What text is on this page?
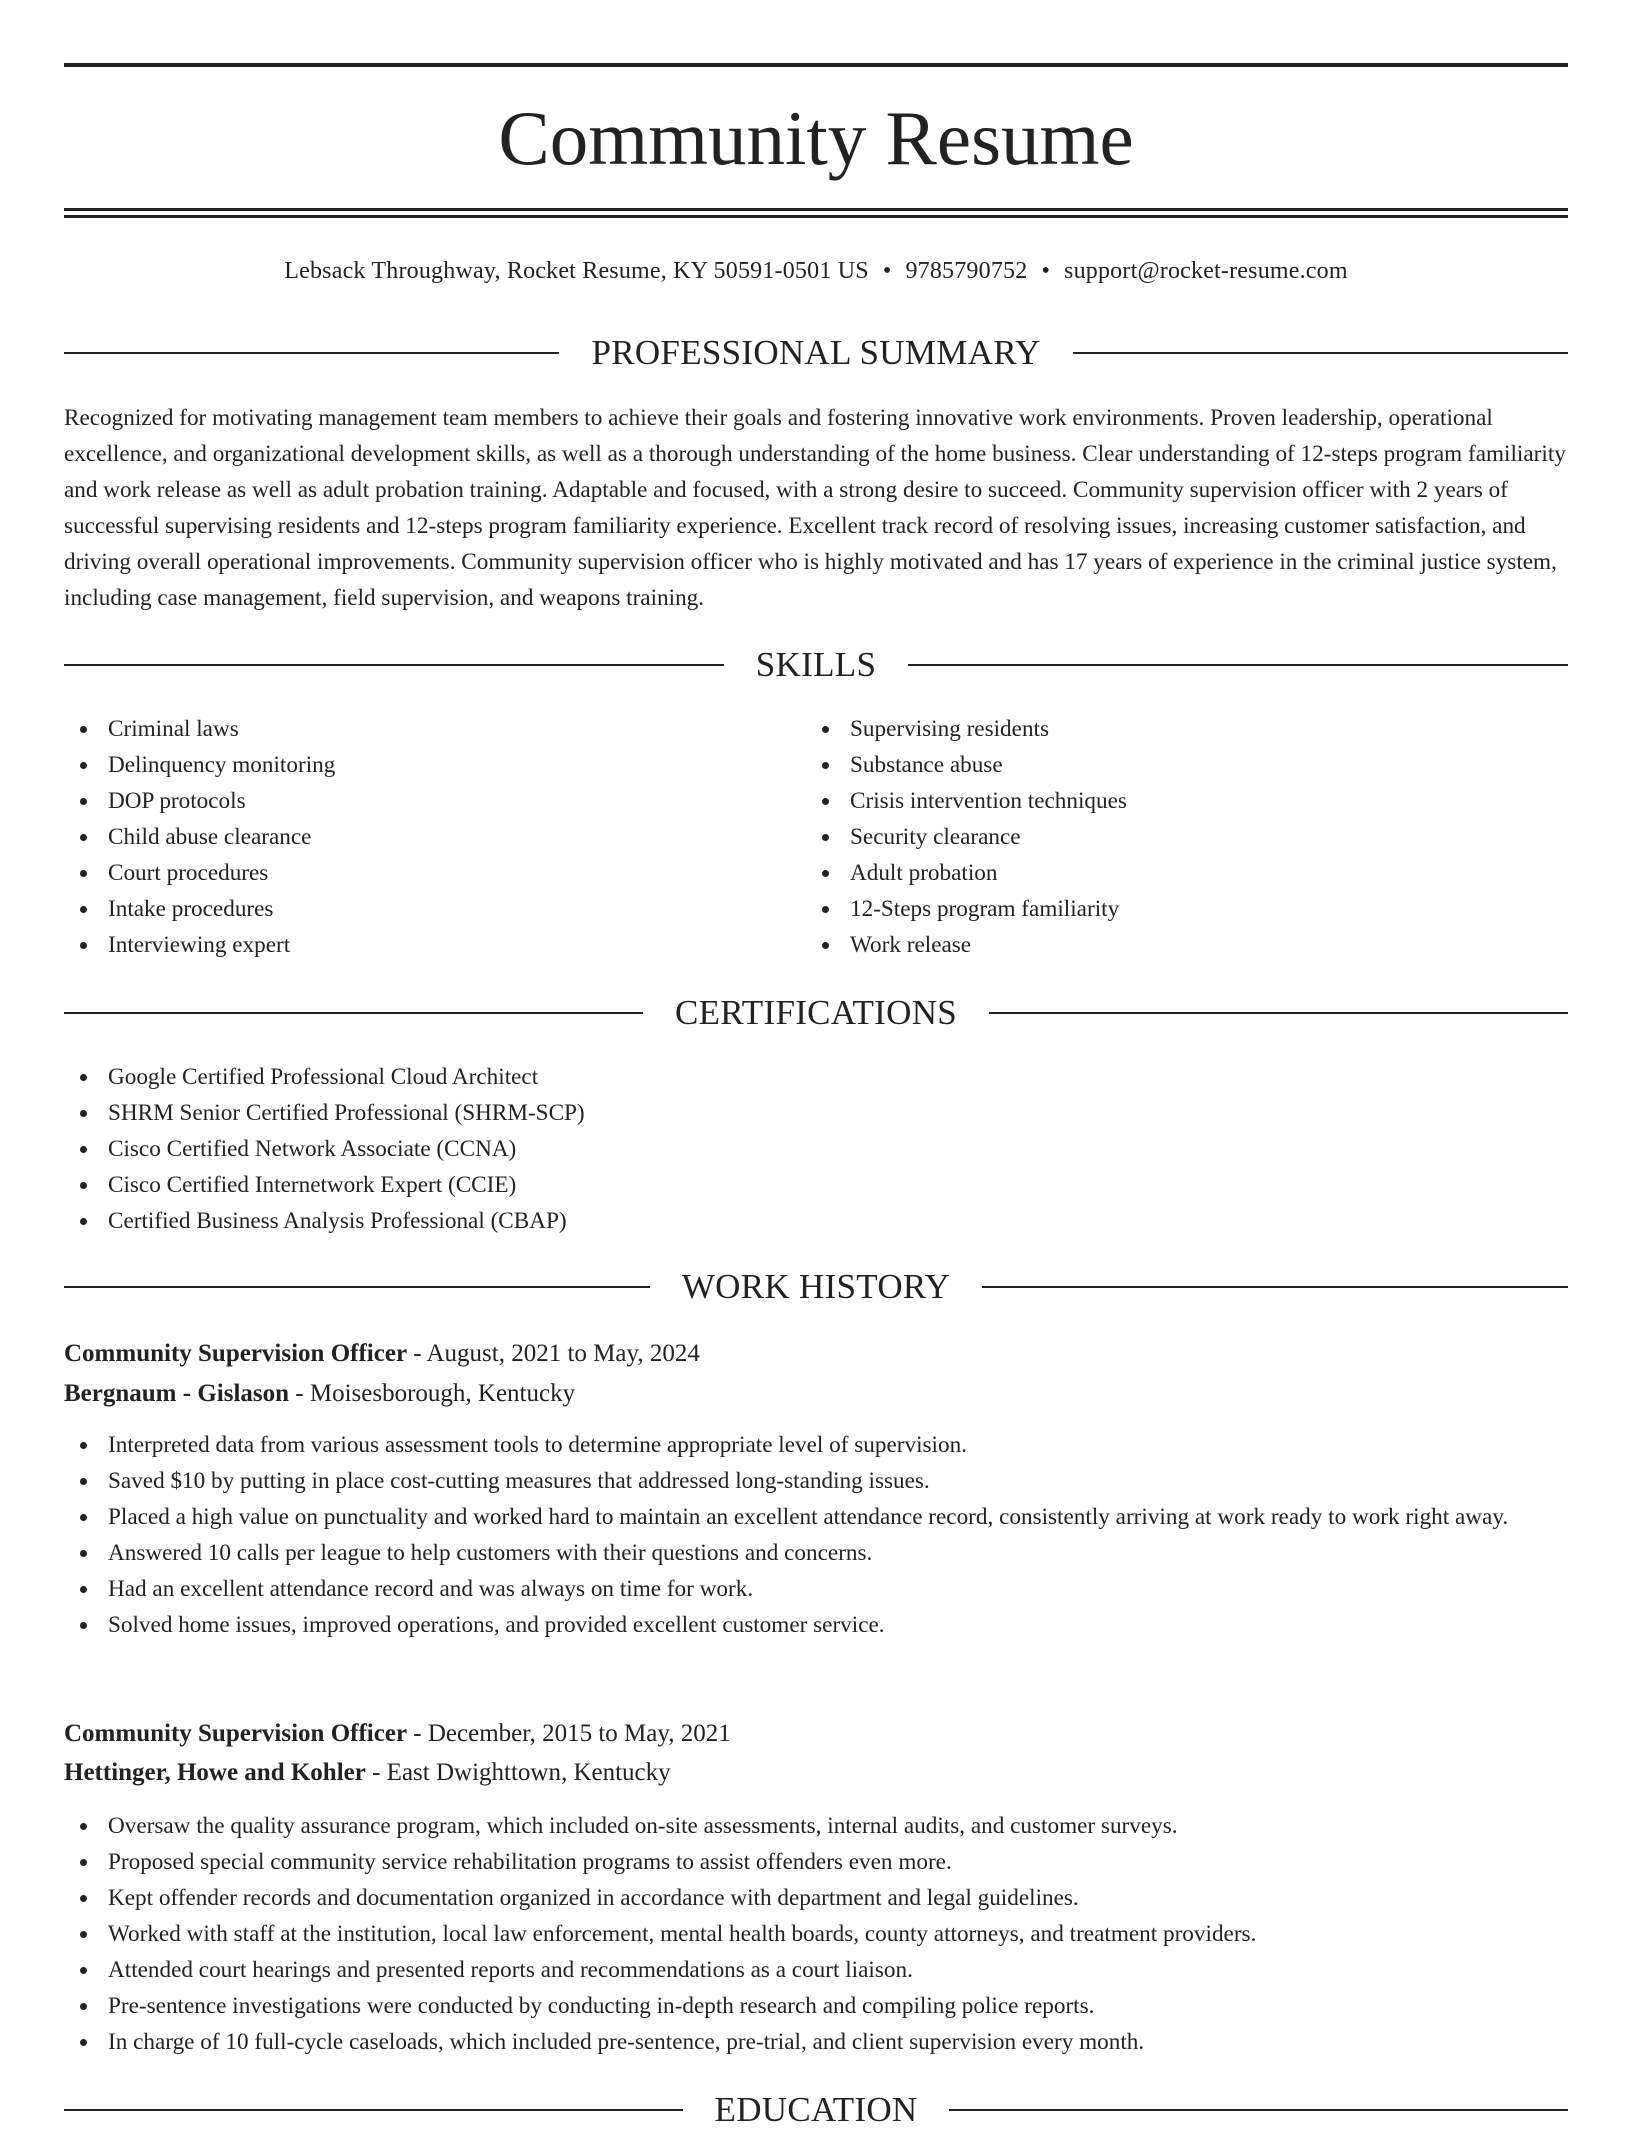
Community Resume
Lebsack Throughway, Rocket Resume, KY 50591-0501 US • 9785790752 • support@rocket-resume.com
PROFESSIONAL SUMMARY

Recognized for motivating management team members to achieve their goals and fostering innovative work environments. Proven leadership, operational excellence, and organizational development skills, as well as a thorough understanding of the home business. Clear understanding of 12-steps program familiarity and work release as well as adult probation training. Adaptable and focused, with a strong desire to succeed. Community supervision officer with 2 years of successful supervising residents and 12-steps program familiarity experience. Excellent track record of resolving issues, increasing customer satisfaction, and driving overall operational improvements. Community supervision officer who is highly motivated and has 17 years of experience in the criminal justice system, including case management, field supervision, and weapons training.

SKILLS
Criminal laws
Delinquency monitoring
DOP protocols
Child abuse clearance
Court procedures
Intake procedures
Interviewing expert
Supervising residents
Substance abuse
Crisis intervention techniques
Security clearance
Adult probation
12-Steps program familiarity
Work release
CERTIFICATIONS
Google Certified Professional Cloud Architect
SHRM Senior Certified Professional (SHRM-SCP)
Cisco Certified Network Associate (CCNA)
Cisco Certified Internetwork Expert (CCIE)
Certified Business Analysis Professional (CBAP)
WORK HISTORY
Community Supervision Officer - August, 2021 to May, 2024
Bergnaum - Gislason - Moisesborough, Kentucky
Interpreted data from various assessment tools to determine appropriate level of supervision.
Saved $10 by putting in place cost-cutting measures that addressed long-standing issues.
Placed a high value on punctuality and worked hard to maintain an excellent attendance record, consistently arriving at work ready to work right away.
Answered 10 calls per league to help customers with their questions and concerns.
Had an excellent attendance record and was always on time for work.
Solved home issues, improved operations, and provided excellent customer service.
Community Supervision Officer - December, 2015 to May, 2021
Hettinger, Howe and Kohler - East Dwighttown, Kentucky
Oversaw the quality assurance program, which included on-site assessments, internal audits, and customer surveys.
Proposed special community service rehabilitation programs to assist offenders even more.
Kept offender records and documentation organized in accordance with department and legal guidelines.
Worked with staff at the institution, local law enforcement, mental health boards, county attorneys, and treatment providers.
Attended court hearings and presented reports and recommendations as a court liaison.
Pre-sentence investigations were conducted by conducting in-depth research and compiling police reports.
In charge of 10 full-cycle caseloads, which included pre-sentence, pre-trial, and client supervision every month.
EDUCATION
